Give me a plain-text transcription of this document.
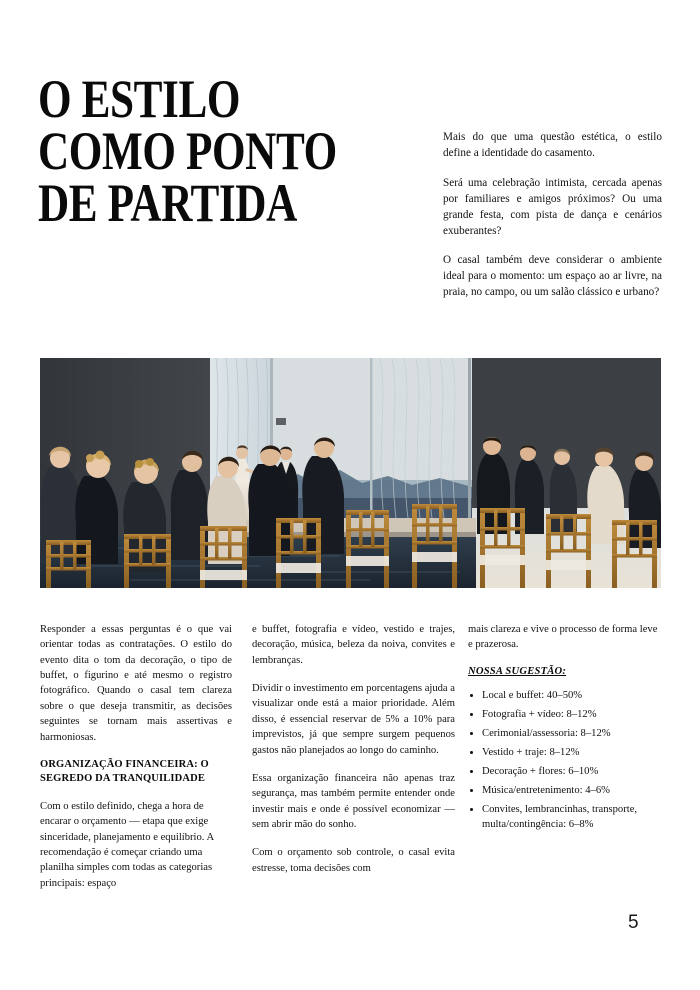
O ESTILO
COMO PONTO
DE PARTIDA

Mais do que uma questão estética, o estilo define a identidade do casamento.

Será uma celebração intimista, cercada apenas por familiares e amigos próximos? Ou uma grande festa, com pista de dança e cenários exuberantes?

O casal também deve considerar o ambiente ideal para o momento: um espaço ao ar livre, na praia, no campo, ou um salão clássico e urbano?

Responder a essas perguntas é o que vai orientar todas as contratações. O estilo do evento dita o tom da decoração, o tipo de buffet, o figurino e até mesmo o registro fotográfico. Quando o casal tem clareza sobre o que deseja transmitir, as decisões seguintes se tornam mais assertivas e harmoniosas.

ORGANIZAÇÃO FINANCEIRA: O SEGREDO DA TRANQUILIDADE

Com o estilo definido, chega a hora de encarar o orçamento — etapa que exige sinceridade, planejamento e equilíbrio. A recomendação é começar criando uma planilha simples com todas as categorias principais: espaço

e buffet, fotografia e vídeo, vestido e trajes, decoração, música, beleza da noiva, convites e lembranças.

Dividir o investimento em porcentagens ajuda a visualizar onde está a maior prioridade. Além disso, é essencial reservar de 5% a 10% para imprevistos, já que sempre surgem pequenos gastos não planejados ao longo do caminho.

Essa organização financeira não apenas traz segurança, mas também permite entender onde investir mais e onde é possível economizar — sem abrir mão do sonho.

Com o orçamento sob controle, o casal evita estresse, toma decisões com

mais clareza e vive o processo de forma leve e prazerosa.

NOSSA SUGESTÃO:
Local e buffet: 40–50%
Fotografia + vídeo: 8–12%
Cerimonial/assessoria: 8–12%
Vestido + traje: 8–12%
Decoração + flores: 6–10%
Música/entretenimento: 4–6%
Convites, lembrancinhas, transporte, multa/contingência: 6–8%
5
